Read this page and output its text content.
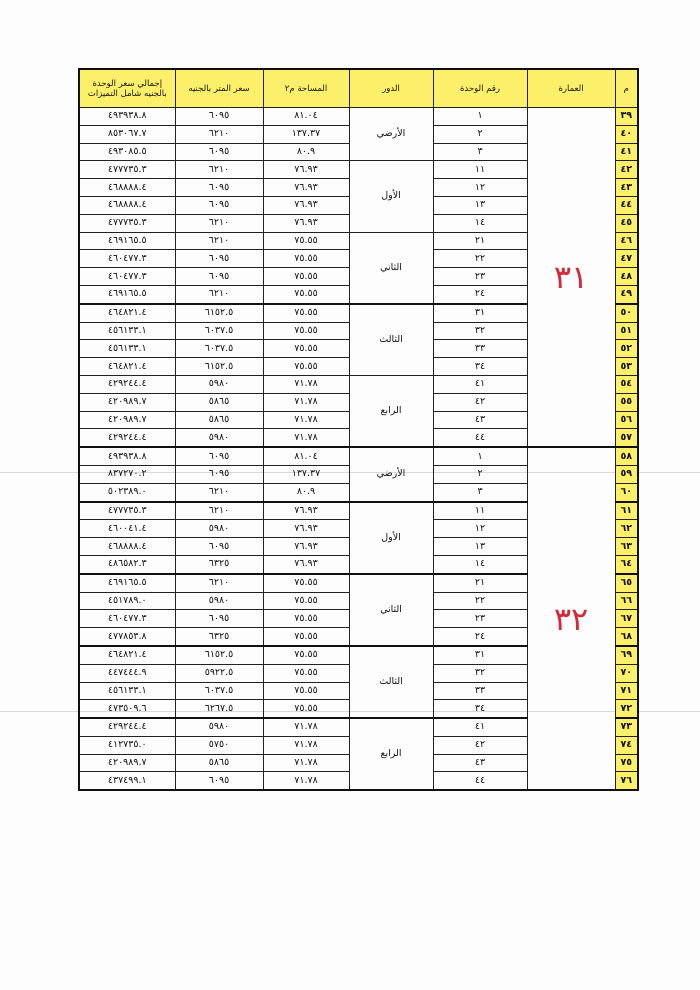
إجمالي سعر الوحدة بالجنيه شامل التميزات	سعر المتر بالجنيه	المساحة م٢	الدور	رقم الوحدة	العمارة	م
٤٩٣٩٣٨.٨	٦٠٩٥	٨١.٠٤	الأرضي	١	٣١	٣٩
٨٥٣٠٦٧.٧	٦٢١٠	١٣٧.٣٧		٢		٤٠
٤٩٣٠٨٥.٥	٦٠٩٥	٨٠.٩		٣		٤١
٤٧٧٧٣٥.٣	٦٢١٠	٧٦.٩٣	الأول	١١		٤٢
٤٦٨٨٨٨.٤	٦٠٩٥	٧٦.٩٣		١٢		٤٣
٤٦٨٨٨٨.٤	٦٠٩٥	٧٦.٩٣		١٣		٤٤
٤٧٧٧٣٥.٣	٦٢١٠	٧٦.٩٣		١٤		٤٥
٤٦٩١٦٥.٥	٦٢١٠	٧٥.٥٥	الثاني	٢١		٤٦
٤٦٠٤٧٧.٣	٦٠٩٥	٧٥.٥٥		٢٢		٤٧
٤٦٠٤٧٧.٣	٦٠٩٥	٧٥.٥٥		٢٣		٤٨
٤٦٩١٦٥.٥	٦٢١٠	٧٥.٥٥		٢٤		٤٩
٤٦٤٨٢١.٤	٦١٥٢.٥	٧٥.٥٥	الثالث	٣١		٥٠
٤٥٦١٣٣.١	٦٠٣٧.٥	٧٥.٥٥		٣٢		٥١
٤٥٦١٣٣.١	٦٠٣٧.٥	٧٥.٥٥		٣٣		٥٢
٤٦٤٨٢١.٤	٦١٥٢.٥	٧٥.٥٥		٣٤		٥٣
٤٢٩٢٤٤.٤	٥٩٨٠	٧١.٧٨	الرابع	٤١		٥٤
٤٢٠٩٨٩.٧	٥٨٦٥	٧١.٧٨		٤٢		٥٥
٤٢٠٩٨٩.٧	٥٨٦٥	٧١.٧٨		٤٣		٥٦
٤٢٩٢٤٤.٤	٥٩٨٠	٧١.٧٨		٤٤		٥٧
٤٩٣٩٣٨.٨	٦٠٩٥	٨١.٠٤	الأرضي	١	٣٢	٥٨
٨٣٧٢٧٠.٢	٦٠٩٥	١٣٧.٣٧		٢		٥٩
٥٠٢٣٨٩.٠	٦٢١٠	٨٠.٩		٣		٦٠
٤٧٧٧٣٥.٣	٦٢١٠	٧٦.٩٣	الأول	١١		٦١
٤٦٠٠٤١.٤	٥٩٨٠	٧٦.٩٣		١٢		٦٢
٤٦٨٨٨٨.٤	٦٠٩٥	٧٦.٩٣		١٣		٦٣
٤٨٦٥٨٢.٣	٦٣٢٥	٧٦.٩٣		١٤		٦٤
٤٦٩١٦٥.٥	٦٢١٠	٧٥.٥٥	الثاني	٢١		٦٥
٤٥١٧٨٩.٠	٥٩٨٠	٧٥.٥٥		٢٢		٦٦
٤٦٠٤٧٧.٣	٦٠٩٥	٧٥.٥٥		٢٣		٦٧
٤٧٧٨٥٣.٨	٦٣٢٥	٧٥.٥٥		٢٤		٦٨
٤٦٤٨٢١.٤	٦١٥٢.٥	٧٥.٥٥	الثالث	٣١		٦٩
٤٤٧٤٤٤.٩	٥٩٢٢.٥	٧٥.٥٥		٣٢		٧٠
٤٥٦١٣٣.١	٦٠٣٧.٥	٧٥.٥٥		٣٣		٧١
٤٧٣٥٠٩.٦	٦٢٦٧.٥	٧٥.٥٥		٣٤		٧٢
٤٢٩٢٤٤.٤	٥٩٨٠	٧١.٧٨	الرابع	٤١		٧٣
٤١٢٧٣٥.٠	٥٧٥٠	٧١.٧٨		٤٢		٧٤
٤٢٠٩٨٩.٧	٥٨٦٥	٧١.٧٨		٤٣		٧٥
٤٣٧٤٩٩.١	٦٠٩٥	٧١.٧٨		٤٤		٧٦
